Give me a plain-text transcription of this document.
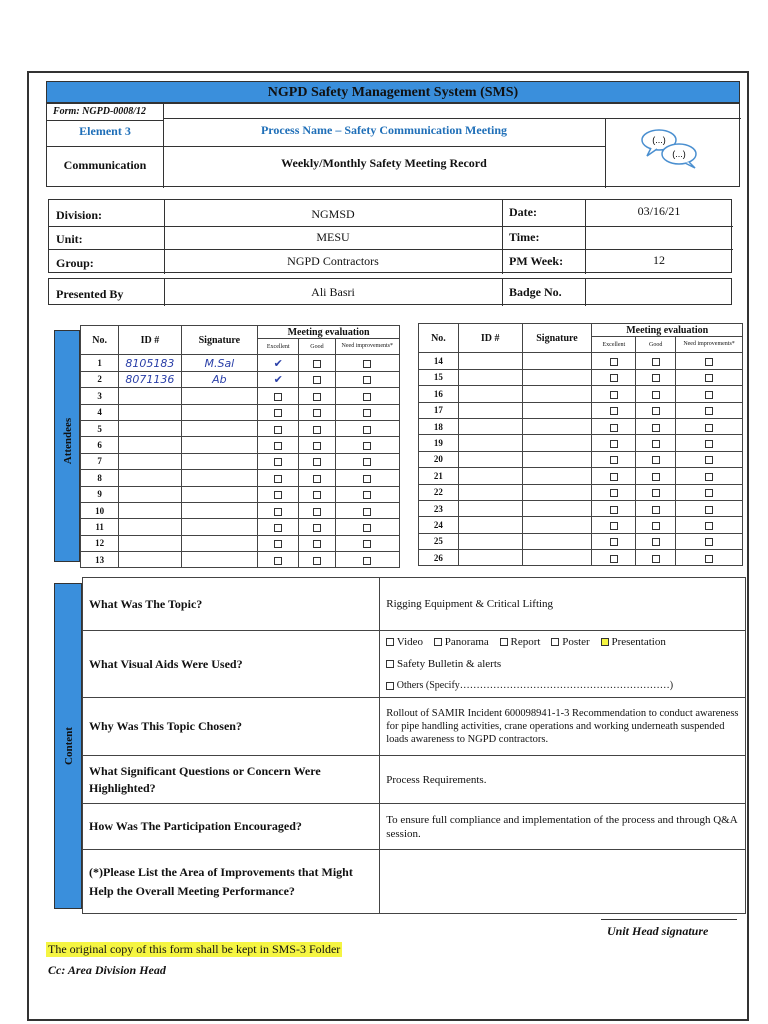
NGPD Safety Management System (SMS)
Form: NGPD-0008/12
Element 3
Communication
Process Name – Safety Communication Meeting
Weekly/Monthly Safety Meeting Record
(...)
(...)
Division:	NGMSD
Unit:	MESU
Group:	NGPD Contractors
Date:	03/16/21
Time:
PM Week:	12
Presented By	Ali Basri	Badge No.
Attendees
No.	ID #	Signature	Meeting evaluation		
			Excellent	Good	Need improvements*
1	8105183	M.Sal	✔		
2	8071136	Ab	✔		
3					
4					
5					
6					
7					
8					
9					
10					
11					
12					
13					
No.	ID #	Signature	Meeting evaluation		
			Excellent	Good	Need improvements*
14					
15					
16					
17					
18					
19					
20					
21					
22					
23					
24					
25					
26					
Content
What Was The Topic?	Rigging Equipment & Critical Lifting
What Visual Aids Were Used?	Video Panorama Report Poster Presentation
Safety Bulletin & alerts
Others (Specify………………………………………………………)

Why Was This Topic Chosen?	Rollout of SAMIR Incident 600098941-1-3 Recommendation to conduct awareness for pipe handling activities, crane operations and working underneath suspended loads awareness to NGPD contractors.
What Significant Questions or Concern Were Highlighted?	Process Requirements.
How Was The Participation Encouraged?	To ensure full compliance and implementation of the process and through Q&A session.
(*)Please List the Area of Improvements that Might Help the Overall Meeting Performance?	
Unit Head signature
The original copy of this form shall be kept in SMS-3 Folder
Cc: Area Division Head
